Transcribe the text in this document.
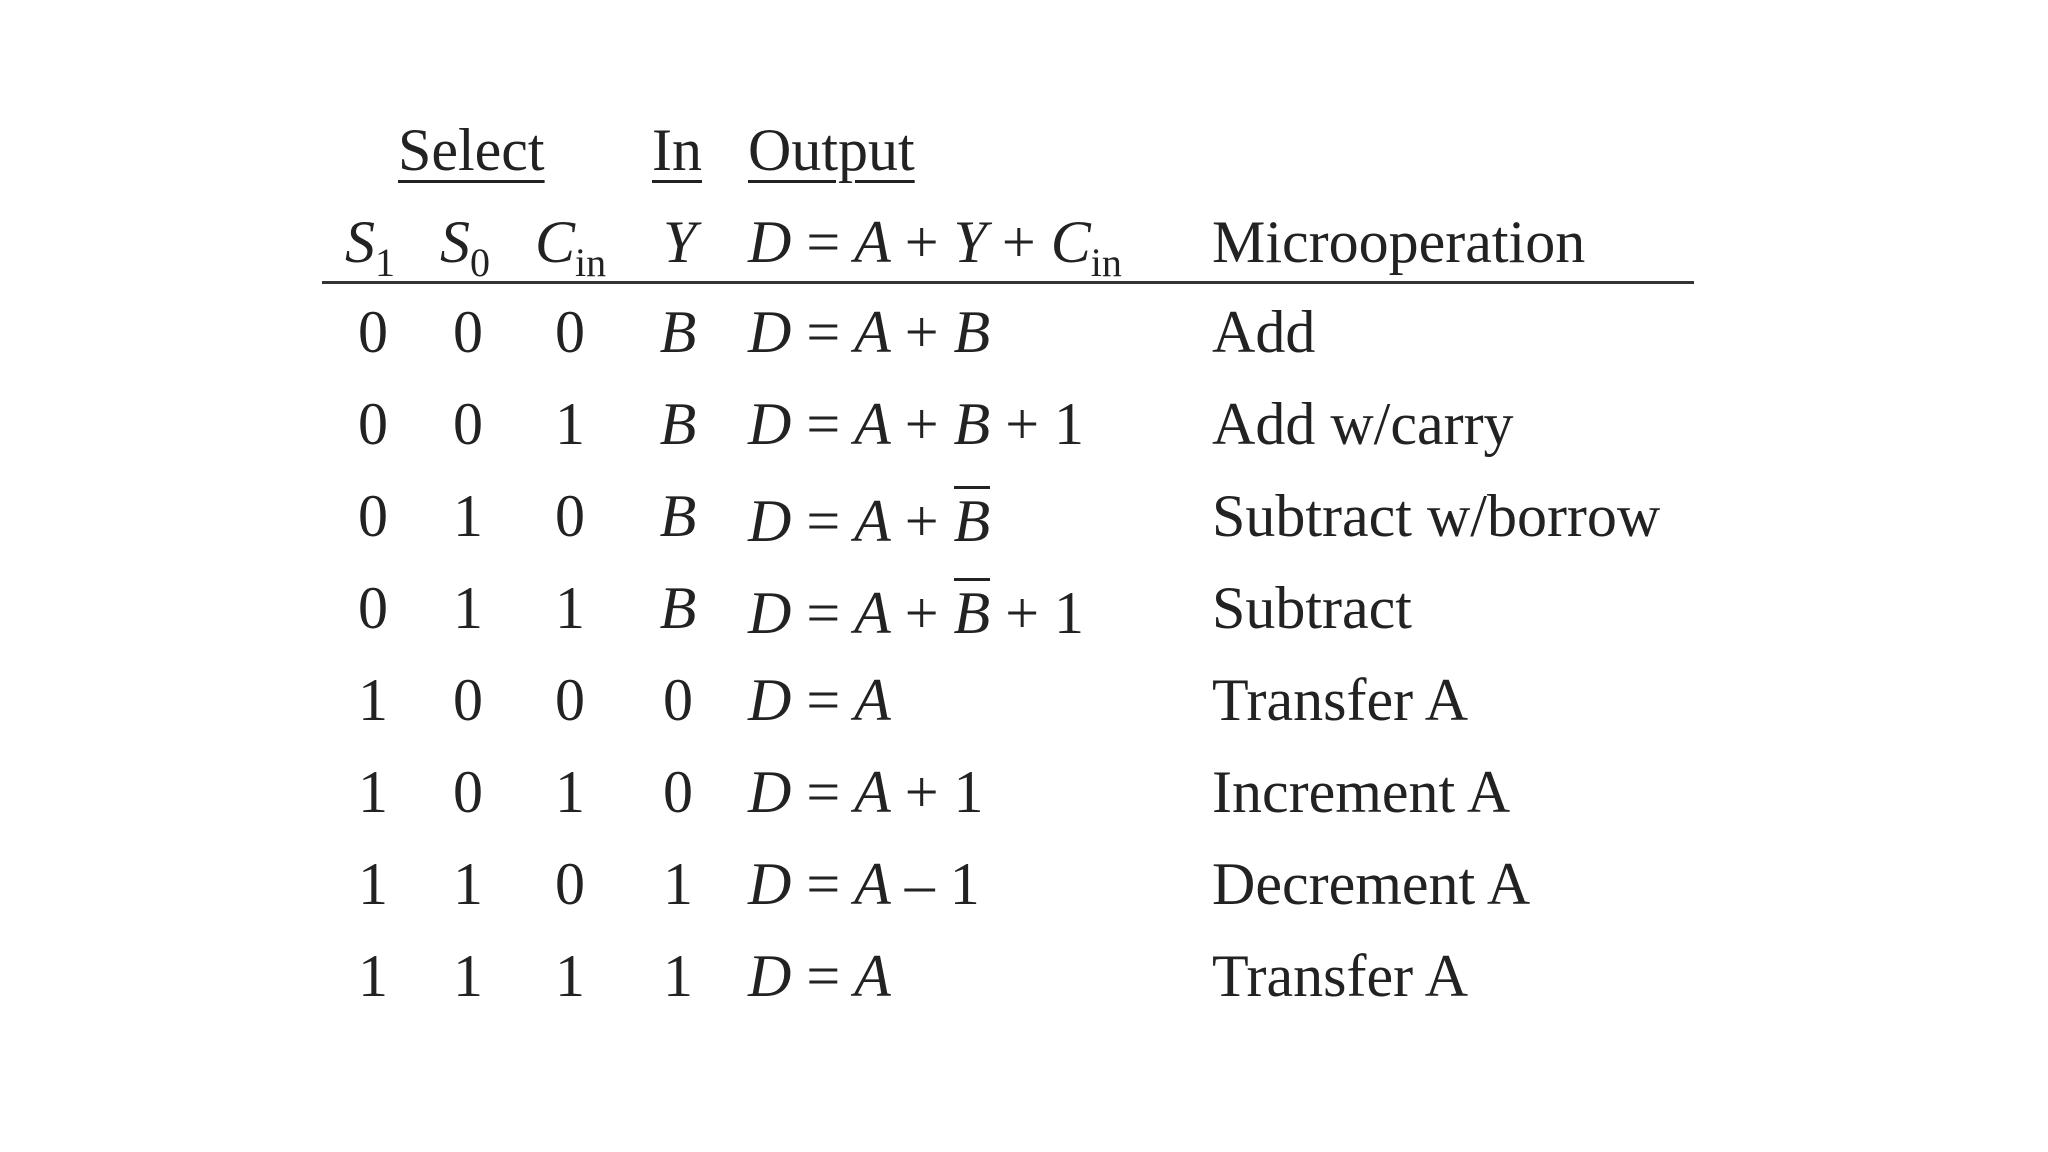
Select In Output
$S_1$ $S_0$ $C_{in}$ Y $D = A + Y + C_{in}$ Microoperation
0 0 0 B D = A + B	Add
0 0 1 B D = A + B + 1 Add w/carry
0 1 0 B D = A + B	Subtract w/borrow
0 1 1 B D = A + B + 1 Subtract
1 0 0 0 D = A	Transfer A
1 0 1 0 D = A + 1	Increment A
1 1 0 1 D = A – 1	Decrement A
1 1 1 1 D = A	Transfer A
